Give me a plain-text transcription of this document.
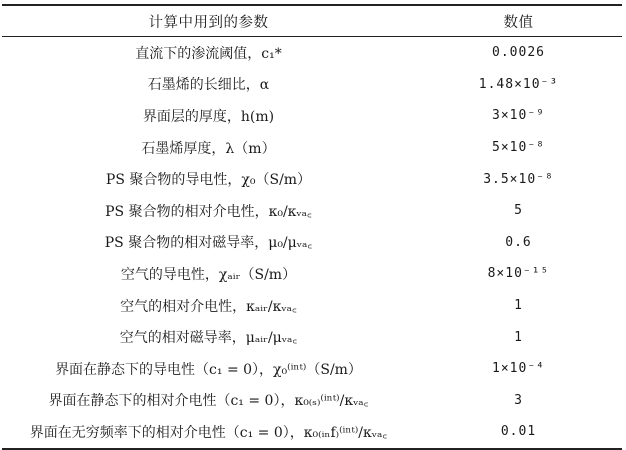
计算中用到的参数	数值
直流下的渗流阈值，c₁*	0.0026
石墨烯的长细比，α	1.48×10⁻³
界面层的厚度，h(m)	3×10⁻⁹
石墨烯厚度，λ（m）	5×10⁻⁸
PS 聚合物的导电性，χ₀（S/m）	3.5×10⁻⁸
PS 聚合物的相对介电性，κ₀/κᵥₐ꜀	5
PS 聚合物的相对磁导率，μ₀/μᵥₐ꜀	0.6
空气的导电性，χₐᵢᵣ（S/m）	8×10⁻¹⁵
空气的相对介电性，κₐᵢᵣ/κᵥₐ꜀	1
空气的相对磁导率，μₐᵢᵣ/μᵥₐ꜀	1
界面在静态下的导电性（c₁ = 0），χ₀⁽ⁱⁿᵗ⁾（S/m）	1×10⁻⁴
界面在静态下的相对介电性（c₁ = 0），κ₀₍ₛ₎⁽ⁱⁿᵗ⁾/κᵥₐ꜀	3
界面在无穷频率下的相对介电性（c₁ = 0），κ₀₍ᵢₙf₎⁽ⁱⁿᵗ⁾/κᵥₐ꜀	0.01
